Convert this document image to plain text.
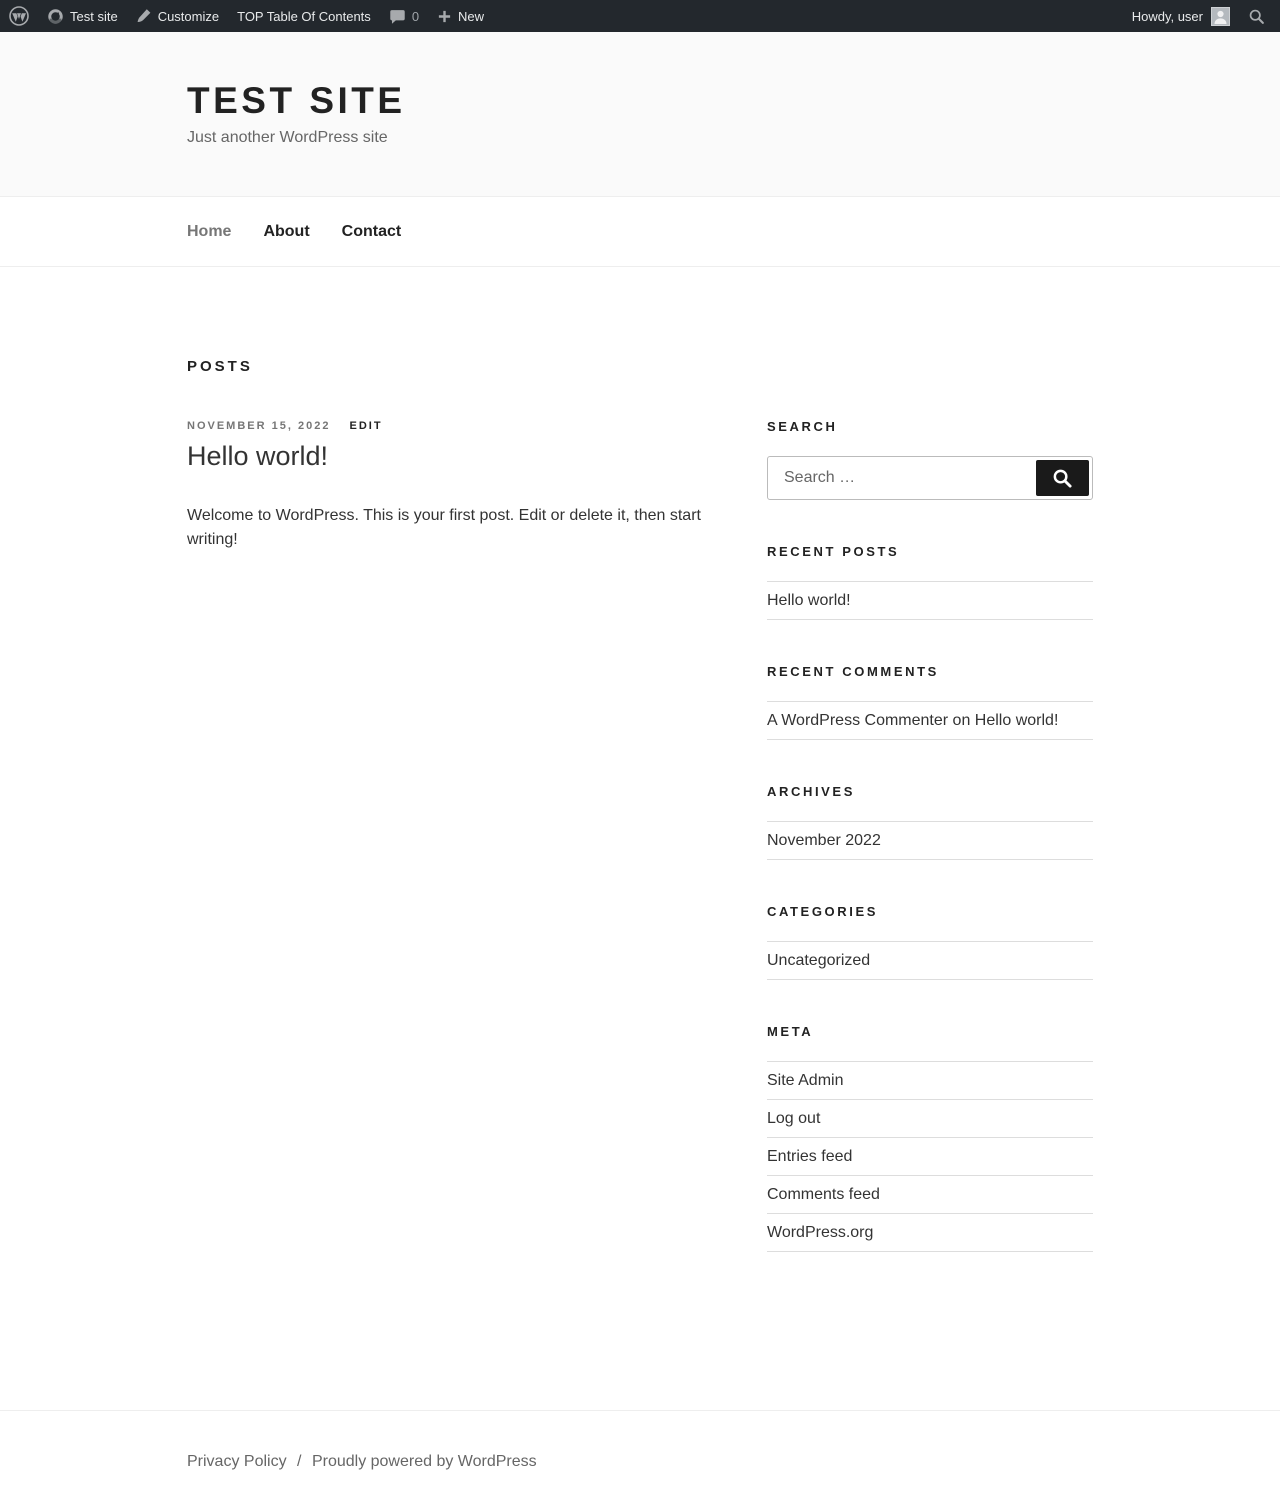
Test site	Customize TOP Table Of Contents	0	New	Howdy, user
TEST SITE
Just another WordPress site
Home About Contact
POSTS
NOVEMBER 15, 2022 EDIT
Hello world!

Welcome to WordPress. This is your first post. Edit or delete it, then start writing!

SEARCH
Search …
RECENT POSTS
Hello world!
RECENT COMMENTS
A WordPress Commenter on Hello world!
ARCHIVES
November 2022
CATEGORIES
Uncategorized
META
Site Admin
Log out
Entries feed
Comments feed
WordPress.org
Privacy Policy / Proudly powered by WordPress
